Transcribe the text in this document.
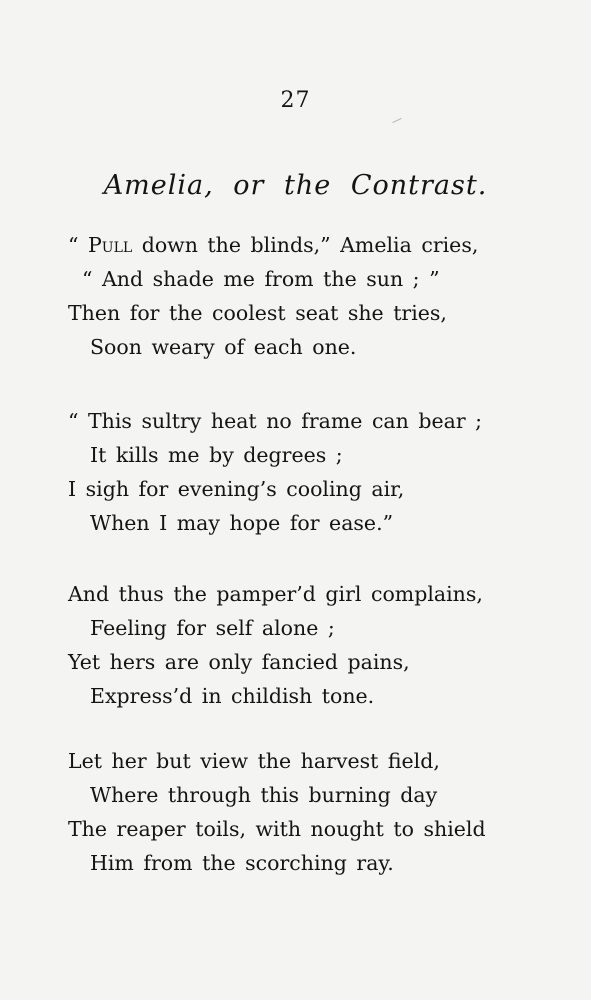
27
Amelia, or the Contrast.
“ Pull down the blinds,” Amelia cries,
“ And shade me from the sun ; ”
Then for the coolest seat she tries,
Soon weary of each one.
“ This sultry heat no frame can bear ;
It kills me by degrees ;
I sigh for evening’s cooling air,
When I may hope for ease.”
And thus the pamper’d girl complains,
Feeling for self alone ;
Yet hers are only fancied pains,
Express’d in childish tone.
Let her but view the harvest field,
Where through this burning day
The reaper toils, with nought to shield
Him from the scorching ray.
